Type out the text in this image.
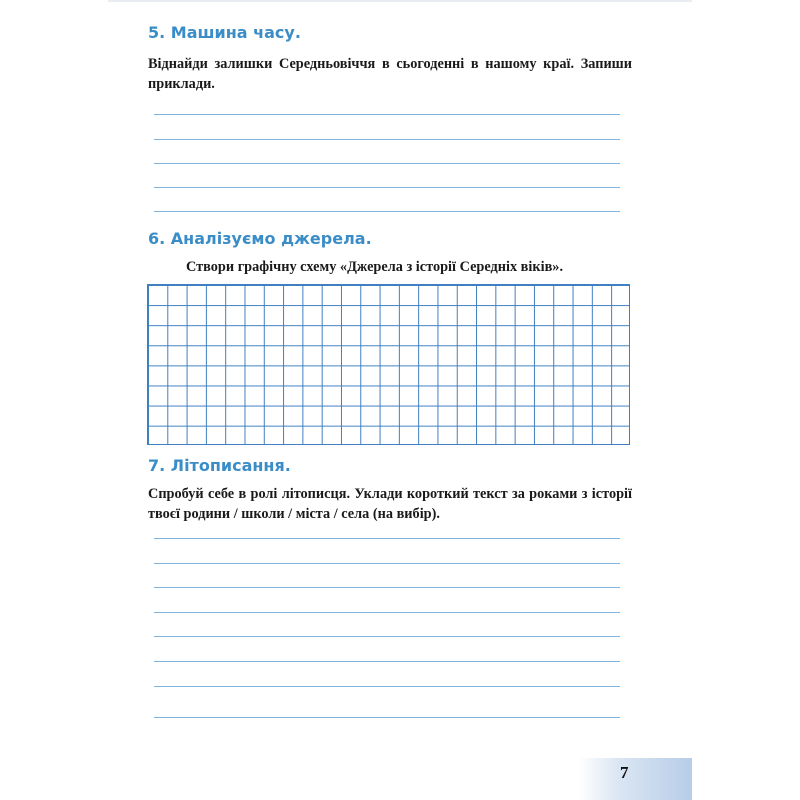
5. Машина часу.

Віднайди залишки Середньовіччя в сьогоденні в нашому краї. Запиши приклади.

6. Аналізуємо джерела.

Створи графічну схему «Джерела з історії Середніх віків».

7. Літописання.

Спробуй себе в ролі літописця. Уклади короткий текст за роками з історії твоєї родини / школи / міста / села (на вибір).

7
